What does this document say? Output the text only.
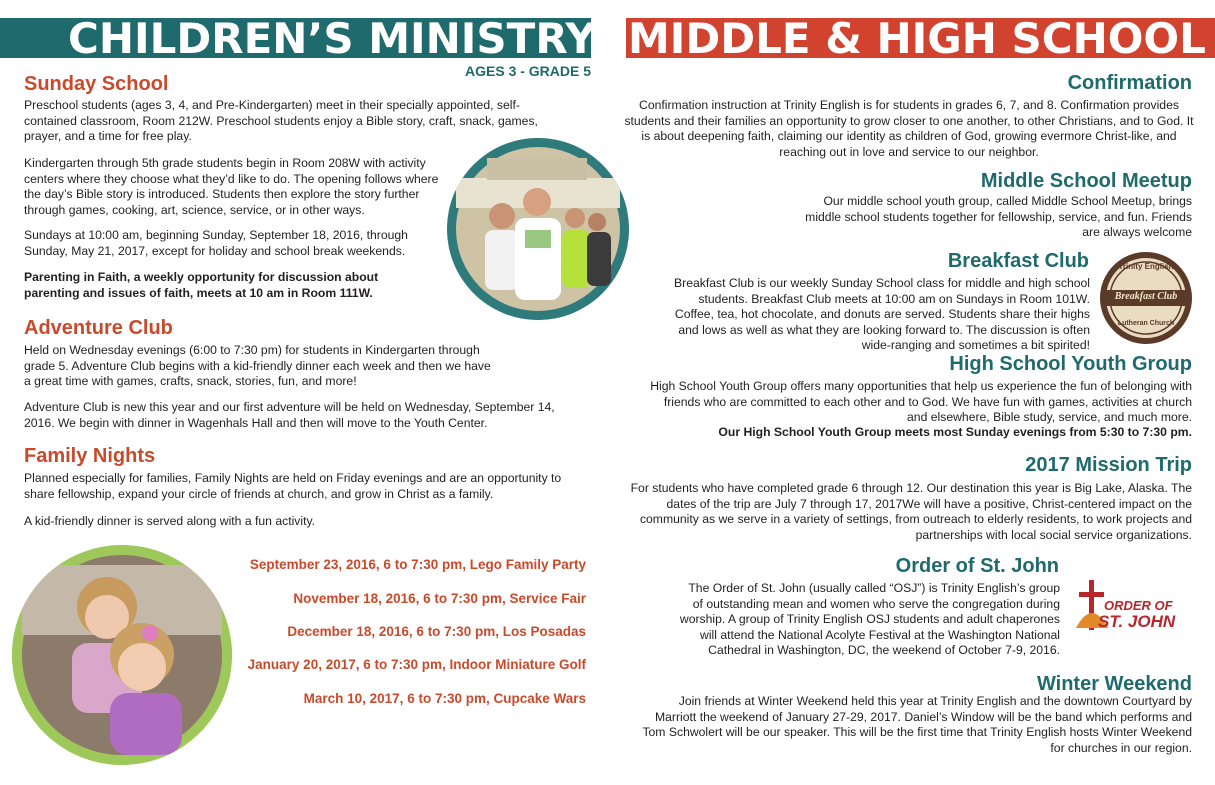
CHILDREN’S MINISTRY
AGES 3 - GRADE 5
Sunday School
Preschool students (ages 3, 4, and Pre-Kindergarten) meet in their specially appointed, self-contained classroom, Room 212W. Preschool students enjoy a Bible story, craft, snack, games, prayer, and a time for free play.
Kindergarten through 5th grade students begin in Room 208W with activity centers where they choose what they’d like to do. The opening follows where the day’s Bible story is introduced. Students then explore the story further through games, cooking, art, science, service, or in other ways.
Sundays at 10:00 am, beginning Sunday, September 18, 2016, through Sunday, May 21, 2017, except for holiday and school break weekends.
Parenting in Faith, a weekly opportunity for discussion about parenting and issues of faith, meets at 10 am in Room 111W.
Adventure Club
Held on Wednesday evenings (6:00 to 7:30 pm) for students in Kindergarten through grade 5. Adventure Club begins with a kid-friendly dinner each week and then we have a great time with games, crafts, snack, stories, fun, and more!
Adventure Club is new this year and our first adventure will be held on Wednesday, September 14, 2016. We begin with dinner in Wagenhals Hall and then will move to the Youth Center.
Family Nights
Planned especially for families, Family Nights are held on Friday evenings and are an opportunity to share fellowship, expand your circle of friends at church, and grow in Christ as a family.
A kid-friendly dinner is served along with a fun activity.
September 23, 2016, 6 to 7:30 pm, Lego Family Party
November 18, 2016, 6 to 7:30 pm, Service Fair
December 18, 2016, 6 to 7:30 pm, Los Posadas
January 20, 2017, 6 to 7:30 pm, Indoor Miniature Golf
March 10, 2017, 6 to 7:30 pm, Cupcake Wars
MIDDLE & HIGH SCHOOL
Confirmation
Confirmation instruction at Trinity English is for students in grades 6, 7, and 8. Confirmation provides students and their families an opportunity to grow closer to one another, to other Christians, and to God. It is about deepening faith, claiming our identity as children of God, growing evermore Christ-like, and reaching out in love and service to our neighbor.
Middle School Meetup
Our middle school youth group, called Middle School Meetup, brings middle school students together for fellowship, service, and fun. Friends are always welcome
Breakfast Club
Breakfast Club is our weekly Sunday School class for middle and high school students. Breakfast Club meets at 10:00 am on Sundays in Room 101W. Coffee, tea, hot chocolate, and donuts are served. Students share their highs and lows as well as what they are looking forward to. The discussion is often wide-ranging and sometimes a bit spirited!
Trinity English
Breakfast Club
Lutheran Church
High School Youth Group
High School Youth Group offers many opportunities that help us experience the fun of belonging with friends who are committed to each other and to God. We have fun with games, activities at church and elsewhere, Bible study, service, and much more.
Our High School Youth Group meets most Sunday evenings from 5:30 to 7:30 pm.
2017 Mission Trip
For students who have completed grade 6 through 12. Our destination this year is Big Lake, Alaska. The dates of the trip are July 7 through 17, 2017We will have a positive, Christ-centered impact on the community as we serve in a variety of settings, from outreach to elderly residents, to work projects and partnerships with local social service organizations.
Order of St. John
The Order of St. John (usually called “OSJ”) is Trinity English’s group of outstanding mean and women who serve the congregation during worship. A group of Trinity English OSJ students and adult chaperones will attend the National Acolyte Festival at the Washington National Cathedral in Washington, DC, the weekend of October 7-9, 2016.
ORDER OF
ST. JOHN
Winter Weekend
Join friends at Winter Weekend held this year at Trinity English and the downtown Courtyard by Marriott the weekend of January 27-29, 2017. Daniel’s Window will be the band which performs and Tom Schwolert will be our speaker. This will be the first time that Trinity English hosts Winter Weekend for churches in our region.
